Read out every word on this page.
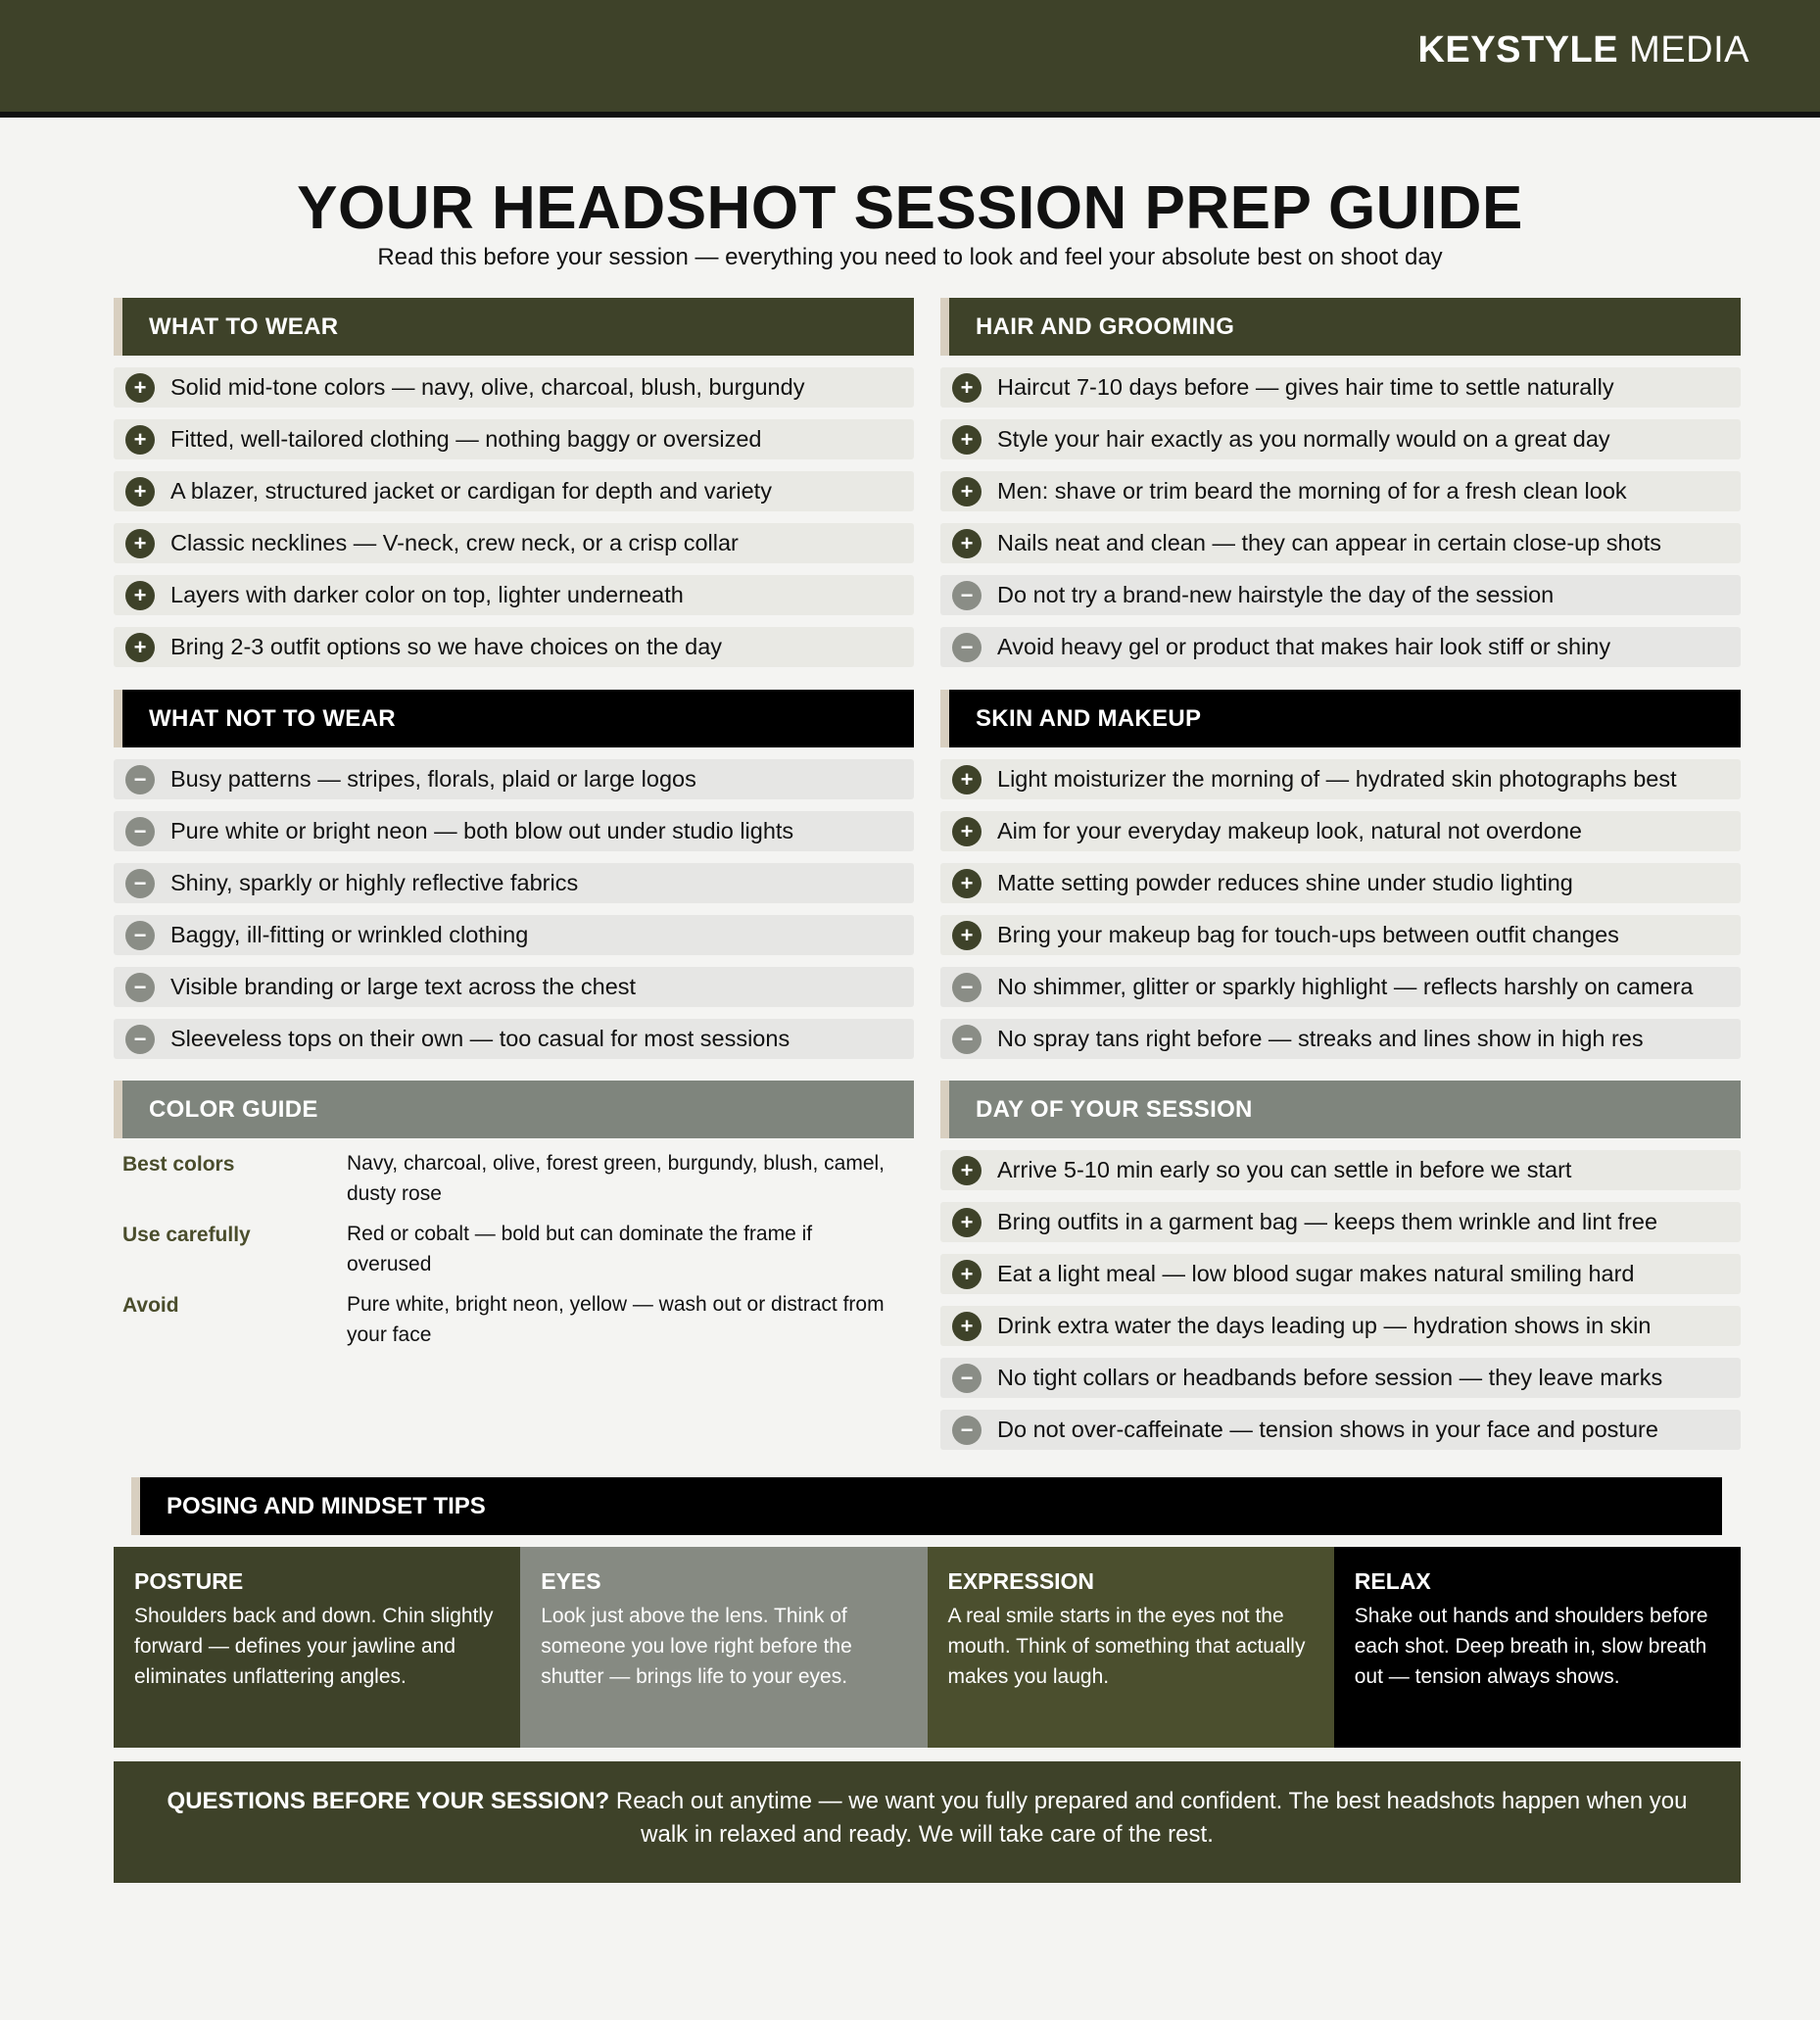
KEYSTYLE MEDIA
YOUR HEADSHOT SESSION PREP GUIDE
Read this before your session — everything you need to look and feel your absolute best on shoot day
WHAT TO WEAR
+	Solid mid-tone colors — navy, olive, charcoal, blush, burgundy
+	Fitted, well-tailored clothing — nothing baggy or oversized
+	A blazer, structured jacket or cardigan for depth and variety
+	Classic necklines — V-neck, crew neck, or a crisp collar
+	Layers with darker color on top, lighter underneath
+	Bring 2-3 outfit options so we have choices on the day
WHAT NOT TO WEAR
−	Busy patterns — stripes, florals, plaid or large logos
−	Pure white or bright neon — both blow out under studio lights
−	Shiny, sparkly or highly reflective fabrics
−	Baggy, ill-fitting or wrinkled clothing
−	Visible branding or large text across the chest
−	Sleeveless tops on their own — too casual for most sessions
COLOR GUIDE
Best colors	Navy, charcoal, olive, forest green, burgundy, blush, camel, dusty rose
Use carefully	Red or cobalt — bold but can dominate the frame if overused
Avoid	Pure white, bright neon, yellow — wash out or distract from your face
HAIR AND GROOMING
+	Haircut 7-10 days before — gives hair time to settle naturally
+	Style your hair exactly as you normally would on a great day
+	Men: shave or trim beard the morning of for a fresh clean look
+	Nails neat and clean — they can appear in certain close-up shots
−	Do not try a brand-new hairstyle the day of the session
−	Avoid heavy gel or product that makes hair look stiff or shiny
SKIN AND MAKEUP
+	Light moisturizer the morning of — hydrated skin photographs best
+	Aim for your everyday makeup look, natural not overdone
+	Matte setting powder reduces shine under studio lighting
+	Bring your makeup bag for touch-ups between outfit changes
−	No shimmer, glitter or sparkly highlight — reflects harshly on camera
−	No spray tans right before — streaks and lines show in high res
DAY OF YOUR SESSION
+	Arrive 5-10 min early so you can settle in before we start
+	Bring outfits in a garment bag — keeps them wrinkle and lint free
+	Eat a light meal — low blood sugar makes natural smiling hard
+	Drink extra water the days leading up — hydration shows in skin
−	No tight collars or headbands before session — they leave marks
−	Do not over-caffeinate — tension shows in your face and posture
POSING AND MINDSET TIPS
POSTURE
Shoulders back and down. Chin slightly forward — defines your jawline and eliminates unflattering angles.
EYES
Look just above the lens. Think of someone you love right before the shutter — brings life to your eyes.
EXPRESSION
A real smile starts in the eyes not the mouth. Think of something that actually makes you laugh.
RELAX
Shake out hands and shoulders before each shot. Deep breath in, slow breath out — tension always shows.
QUESTIONS BEFORE YOUR SESSION? Reach out anytime — we want you fully prepared and confident. The best headshots happen when you walk in relaxed and ready. We will take care of the rest.
